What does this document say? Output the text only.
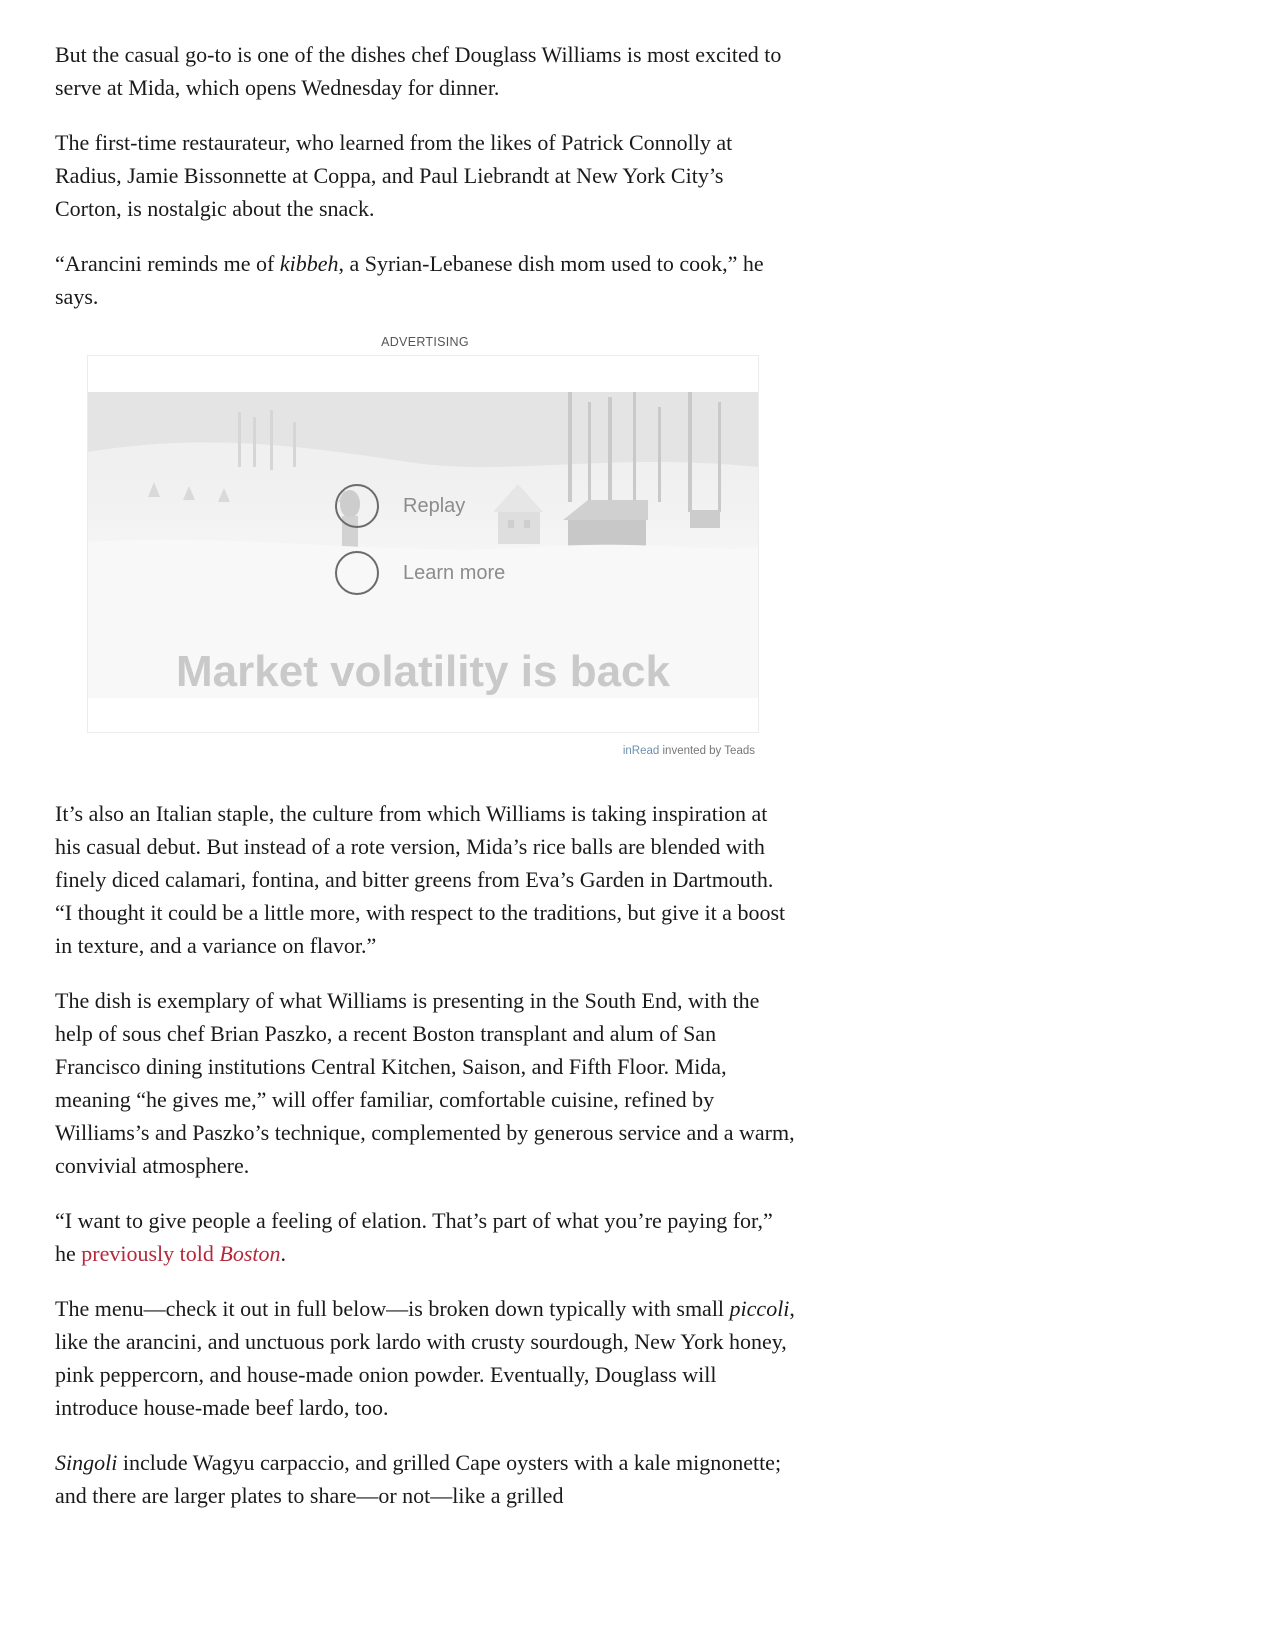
But the casual go-to is one of the dishes chef Douglass Williams is most excited to serve at Mida, which opens Wednesday for dinner.

The first-time restaurateur, who learned from the likes of Patrick Connolly at Radius, Jamie Bissonnette at Coppa, and Paul Liebrandt at New York City’s Corton, is nostalgic about the snack.

“Arancini reminds me of kibbeh, a Syrian-Lebanese dish mom used to cook,” he says.

ADVERTISING
Replay
Learn more
Market volatility is back
inRead invented by Teads

It’s also an Italian staple, the culture from which Williams is taking inspiration at his casual debut. But instead of a rote version, Mida’s rice balls are blended with finely diced calamari, fontina, and bitter greens from Eva’s Garden in Dartmouth. “I thought it could be a little more, with respect to the traditions, but give it a boost in texture, and a variance on flavor.”

The dish is exemplary of what Williams is presenting in the South End, with the help of sous chef Brian Paszko, a recent Boston transplant and alum of San Francisco dining institutions Central Kitchen, Saison, and Fifth Floor. Mida, meaning “he gives me,” will offer familiar, comfortable cuisine, refined by Williams’s and Paszko’s technique, complemented by generous service and a warm, convivial atmosphere.

“I want to give people a feeling of elation. That’s part of what you’re paying for,” he previously told Boston.

The menu—check it out in full below—is broken down typically with small piccoli, like the arancini, and unctuous pork lardo with crusty sourdough, New York honey, pink peppercorn, and house-made onion powder. Eventually, Douglass will introduce house-made beef lardo, too.

Singoli include Wagyu carpaccio, and grilled Cape oysters with a kale mignonette; and there are larger plates to share—or not—like a grilled
